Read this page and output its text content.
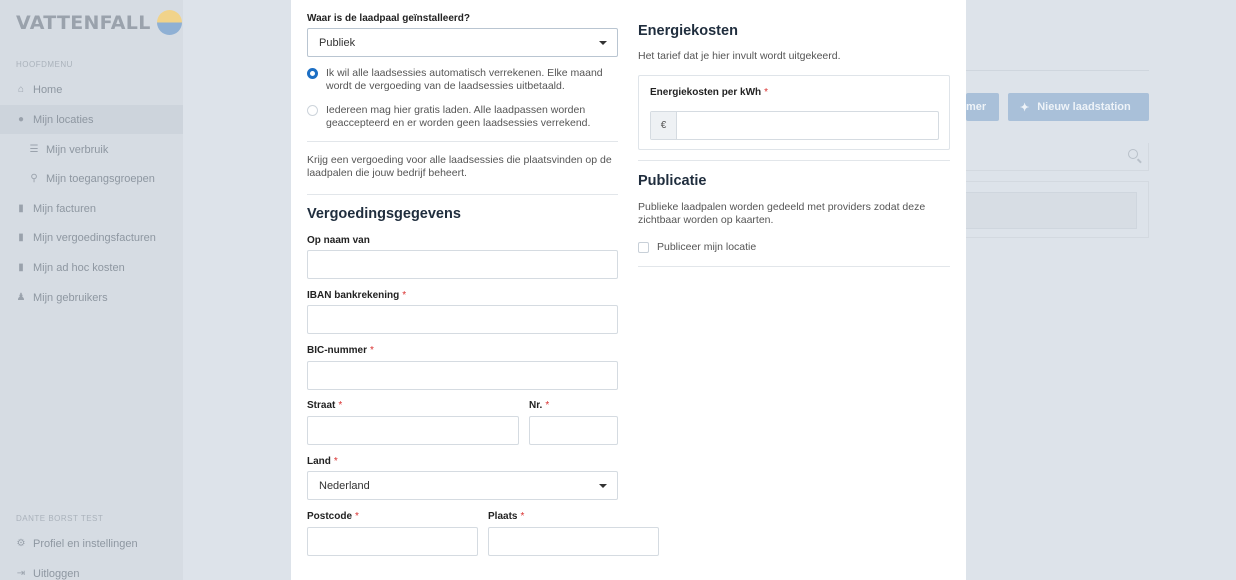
VATTENFALL
HOOFDMENU
⌂ Home
● Mijn locaties
☰ Mijn verbruik
⚲ Mijn toegangsgroepen
▮ Mijn facturen
▮ Mijn vergoedingsfacturen
▮ Mijn ad hoc kosten
♟ Mijn gebruikers
DANTE BORST TEST
⚙ Profiel en instellingen
⇥ Uitloggen
mer	✦ Nieuw laadstation
Waar is de laadpaal geïnstalleerd?
Publiek
Ik wil alle laadsessies automatisch verrekenen. Elke maand wordt de vergoeding van de laadsessies uitbetaald.
Iedereen mag hier gratis laden. Alle laadpassen worden geaccepteerd en er worden geen laadsessies verrekend.
Krijg een vergoeding voor alle laadsessies die plaatsvinden op de laadpalen die jouw bedrijf beheert.
Vergoedingsgegevens
Op naam van
IBAN bankrekening *
BIC-nummer *
Straat *	Nr. *
Land *
Nederland
Postcode *	Plaats *
Energiekosten
Het tarief dat je hier invult wordt uitgekeerd.
Energiekosten per kWh *
€
Publicatie
Publieke laadpalen worden gedeeld met providers zodat deze zichtbaar worden op kaarten.
Publiceer mijn locatie
